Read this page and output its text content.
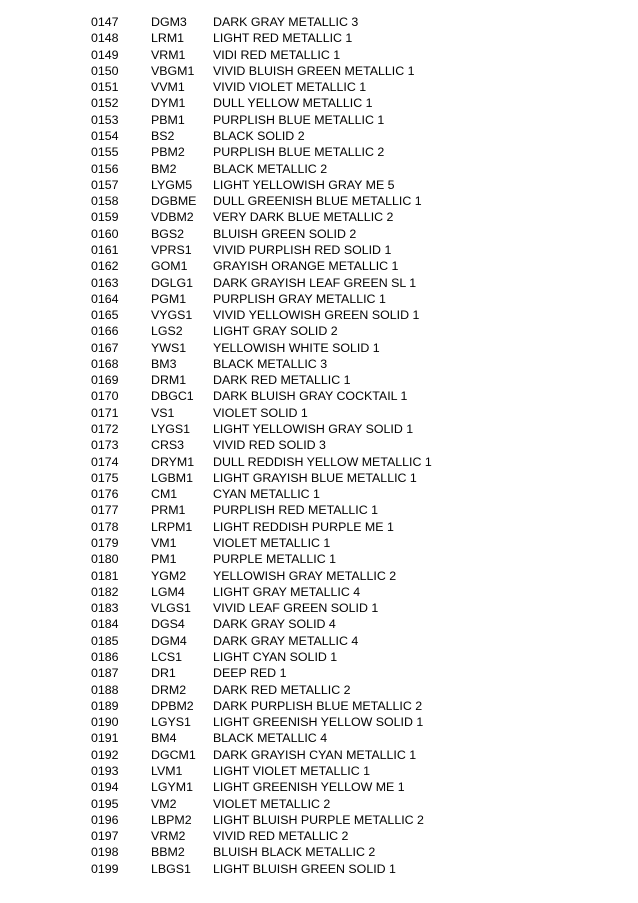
0147	DGM3	DARK GRAY METALLIC 3
0148	LRM1	LIGHT RED METALLIC 1
0149	VRM1	VIDI RED METALLIC 1
0150	VBGM1	VIVID BLUISH GREEN METALLIC 1
0151	VVM1	VIVID VIOLET METALLIC 1
0152	DYM1	DULL YELLOW METALLIC 1
0153	PBM1	PURPLISH BLUE METALLIC 1
0154	BS2	BLACK SOLID 2
0155	PBM2	PURPLISH BLUE METALLIC 2
0156	BM2	BLACK METALLIC 2
0157	LYGM5	LIGHT YELLOWISH GRAY ME 5
0158	DGBME	DULL GREENISH BLUE METALLIC 1
0159	VDBM2	VERY DARK BLUE METALLIC 2
0160	BGS2	BLUISH GREEN SOLID 2
0161	VPRS1	VIVID PURPLISH RED SOLID 1
0162	GOM1	GRAYISH ORANGE METALLIC 1
0163	DGLG1	DARK GRAYISH LEAF GREEN SL 1
0164	PGM1	PURPLISH GRAY METALLIC 1
0165	VYGS1	VIVID YELLOWISH GREEN SOLID 1
0166	LGS2	LIGHT GRAY SOLID 2
0167	YWS1	YELLOWISH WHITE SOLID 1
0168	BM3	BLACK METALLIC 3
0169	DRM1	DARK RED METALLIC 1
0170	DBGC1	DARK BLUISH GRAY COCKTAIL 1
0171	VS1	VIOLET SOLID 1
0172	LYGS1	LIGHT YELLOWISH GRAY SOLID 1
0173	CRS3	VIVID RED SOLID 3
0174	DRYM1	DULL REDDISH YELLOW METALLIC 1
0175	LGBM1	LIGHT GRAYISH BLUE METALLIC 1
0176	CM1	CYAN METALLIC 1
0177	PRM1	PURPLISH RED METALLIC 1
0178	LRPM1	LIGHT REDDISH PURPLE ME 1
0179	VM1	VIOLET METALLIC 1
0180	PM1	PURPLE METALLIC 1
0181	YGM2	YELLOWISH GRAY METALLIC 2
0182	LGM4	LIGHT GRAY METALLIC 4
0183	VLGS1	VIVID LEAF GREEN SOLID 1
0184	DGS4	DARK GRAY SOLID 4
0185	DGM4	DARK GRAY METALLIC 4
0186	LCS1	LIGHT CYAN SOLID 1
0187	DR1	DEEP RED 1
0188	DRM2	DARK RED METALLIC 2
0189	DPBM2	DARK PURPLISH BLUE METALLIC 2
0190	LGYS1	LIGHT GREENISH YELLOW SOLID 1
0191	BM4	BLACK METALLIC 4
0192	DGCM1	DARK GRAYISH CYAN METALLIC 1
0193	LVM1	LIGHT VIOLET METALLIC 1
0194	LGYM1	LIGHT GREENISH YELLOW ME 1
0195	VM2	VIOLET METALLIC 2
0196	LBPM2	LIGHT BLUISH PURPLE METALLIC 2
0197	VRM2	VIVID RED METALLIC 2
0198	BBM2	BLUISH BLACK METALLIC 2
0199	LBGS1	LIGHT BLUISH GREEN SOLID 1
